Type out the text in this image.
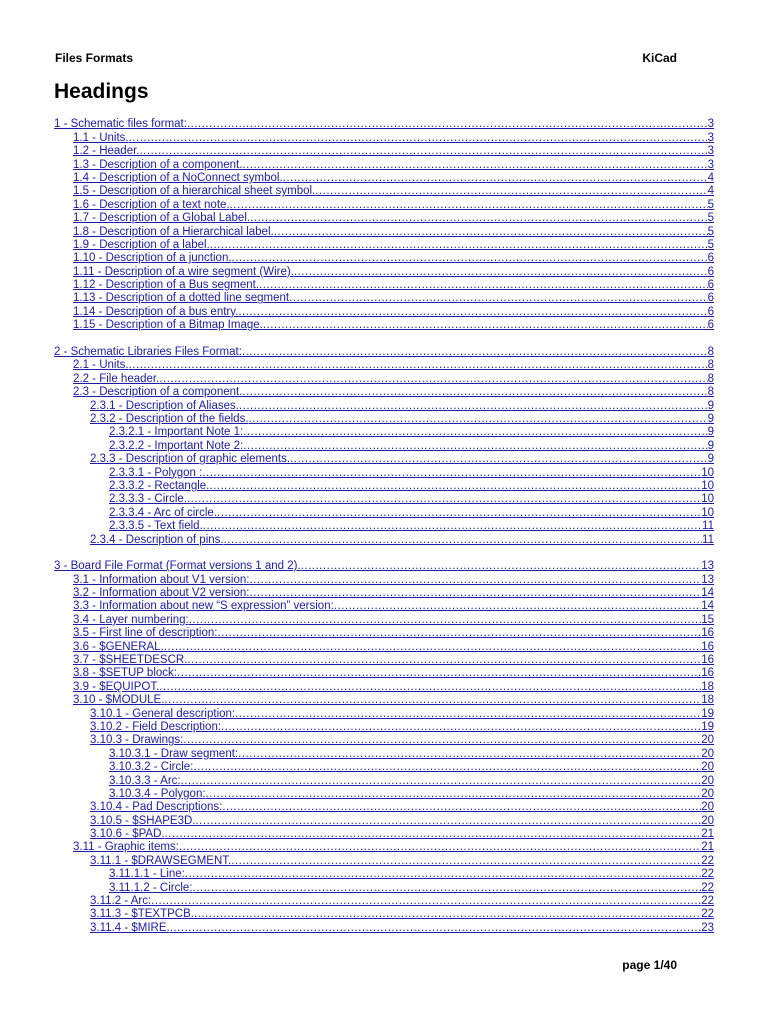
Files Formats	KiCad
Headings
1 - Schematic files format: .....	3
1.1 - Units. .....	3
1.2 - Header. .....	3
1.3 - Description of a component. .....	3
1.4 - Description of a NoConnect symbol. .....	4
1.5 - Description of a hierarchical sheet symbol. .....	4
1.6 - Description of a text note. .....	5
1.7 - Description of a Global Label. .....	5
1.8 - Description of a Hierarchical label. .....	5
1.9 - Description of a label. .....	5
1.10 - Description of a junction. .....	6
1.11 - Description of a wire segment (Wire). .....	6
1.12 - Description of a Bus segment. .....	6
1.13 - Description of a dotted line segment .....	6
1.14 - Description of a bus entry. .....	6
1.15 - Description of a Bitmap Image. .....	6
2 - Schematic Libraries Files Format: .....	8
2.1 - Units. .....	8
2.2 - File header. .....	8
2.3 - Description of a component. .....	8
2.3.1 - Description of Aliases. .....	9
2.3.2 - Description of the fields. .....	9
2.3.2.1 - Important Note 1: .....	9
2.3.2.2 - Important Note 2: .....	9
2.3.3 - Description of graphic elements. .....	9
2.3.3.1 - Polygon : .....	10
2.3.3.2 - Rectangle. .....	10
2.3.3.3 - Circle. .....	10
2.3.3.4 - Arc of circle. .....	10
2.3.3.5 - Text field. .....	11
2.3.4 - Description of pins. .....	11
3 - Board File Format (Format versions 1 and 2). .....	13
3.1 - Information about V1 version: .....	13
3.2 - Information about V2 version: .....	14
3.3 - Information about new “S expression” version: .....	14
3.4 - Layer numbering: .....	15
3.5 - First line of description: .....	16
3.6 - $GENERAL. .....	16
3.7 - $SHEETDESCR. .....	16
3.8 - $SETUP block: .....	16
3.9 - $EQUIPOT. .....	18
3.10 - $MODULE. .....	18
3.10.1 - General description: .....	19
3.10.2 - Field Description: .....	19
3.10.3 - Drawings: .....	20
3.10.3.1 - Draw segment: .....	20
3.10.3.2 - Circle: .....	20
3.10.3.3 - Arc: .....	20
3.10.3.4 - Polygon: .....	20
3.10.4 - Pad Descriptions: .....	20
3.10.5 - $SHAPE3D. .....	20
3.10.6 - $PAD. .....	21
3.11 - Graphic items: .....	21
3.11.1 - $DRAWSEGMENT. .....	22
3.11.1.1 - Line: .....	22
3.11.1.2 - Circle: .....	22
3.11.2 - Arc: .....	22
3.11.3 - $TEXTPCB. .....	22
3.11.4 - $MIRE. .....	23
page 1/40
